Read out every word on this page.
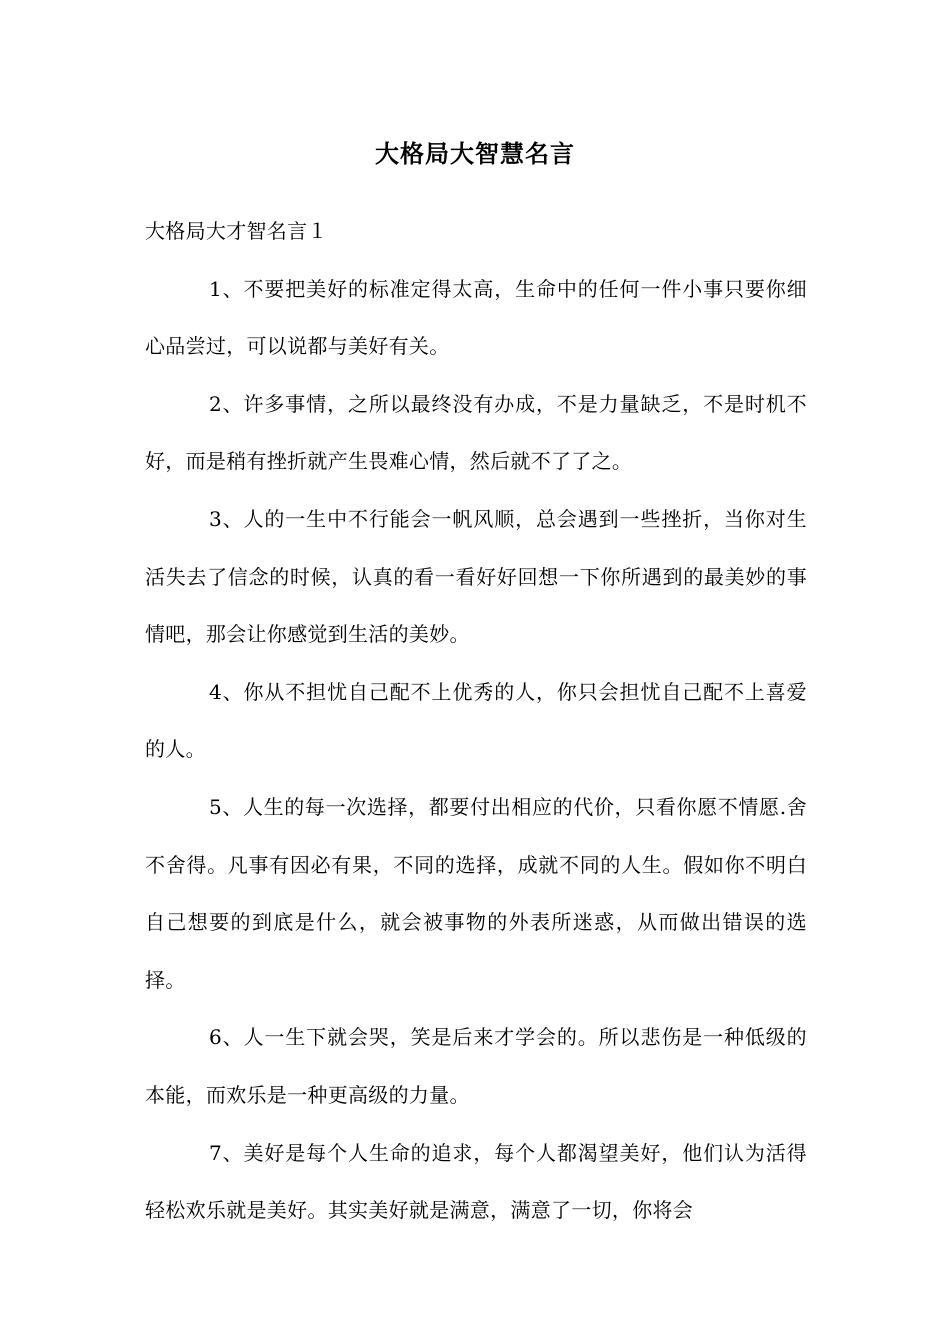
大格局大智慧名言

大格局大才智名言１

1、不要把美好的标准定得太高，生命中的任何一件小事只要你细心品尝过，可以说都与美好有关。

2、许多事情，之所以最终没有办成，不是力量缺乏，不是时机不好，而是稍有挫折就产生畏难心情，然后就不了了之。

3、人的一生中不行能会一帆风顺，总会遇到一些挫折，当你对生活失去了信念的时候，认真的看一看好好回想一下你所遇到的最美妙的事情吧，那会让你感觉到生活的美妙。

4、你从不担忧自己配不上优秀的人，你只会担忧自己配不上喜爱的人。

5、人生的每一次选择，都要付出相应的代价，只看你愿不情愿.舍不舍得。凡事有因必有果，不同的选择，成就不同的人生。假如你不明白自己想要的到底是什么，就会被事物的外表所迷惑，从而做出错误的选择。

6、人一生下就会哭，笑是后来才学会的。所以悲伤是一种低级的本能，而欢乐是一种更高级的力量。

7、美好是每个人生命的追求，每个人都渴望美好，他们认为活得轻松欢乐就是美好。其实美好就是满意，满意了一切，你将会
